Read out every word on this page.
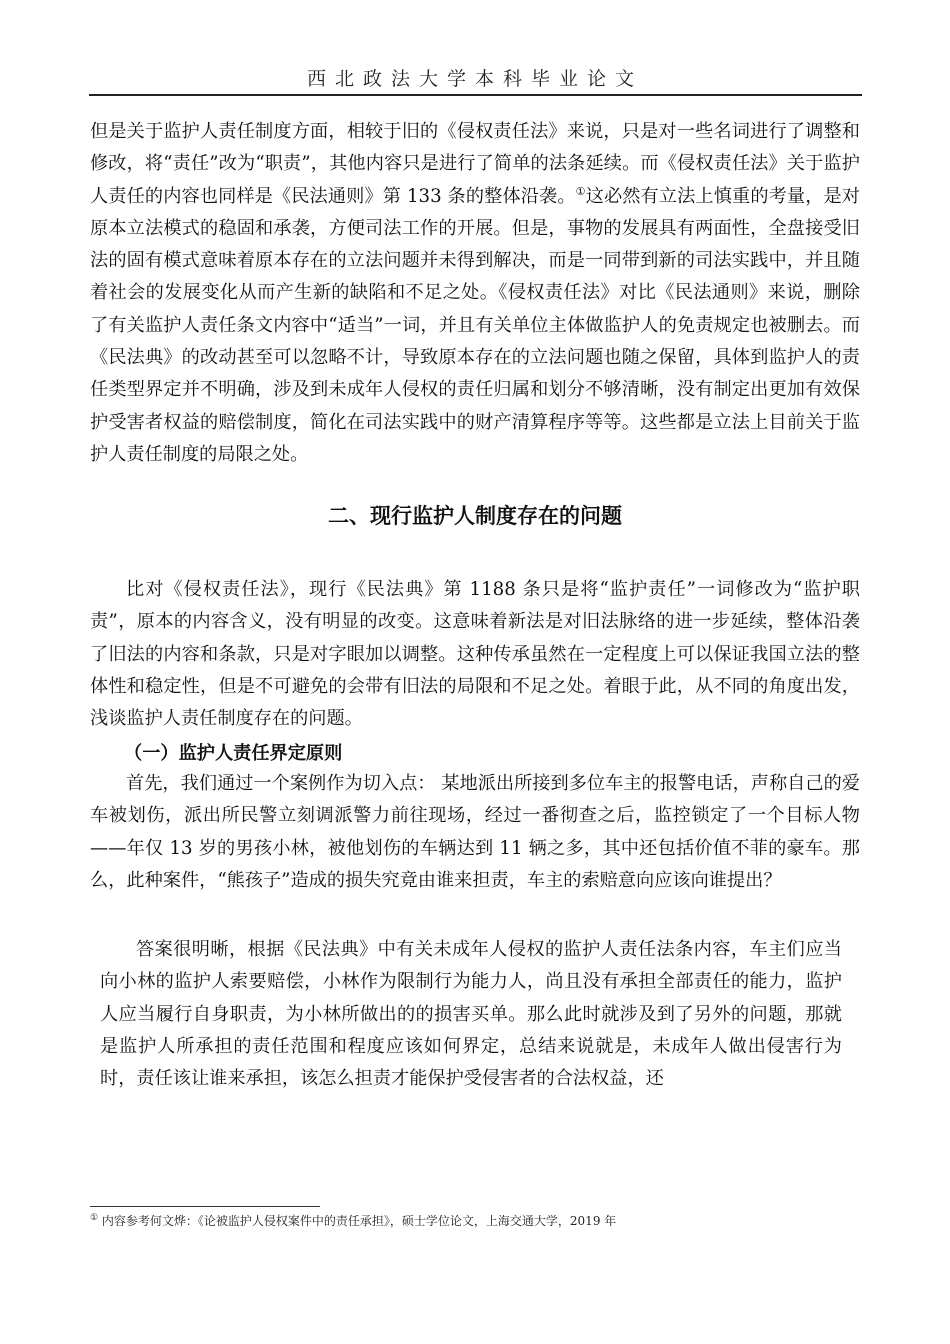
西北政法大学本科毕业论文

但是关于监护人责任制度方面，相较于旧的《侵权责任法》来说，只是对一些名词进行了调整和修改，将“责任”改为“职责”，其他内容只是进行了简单的法条延续。而《侵权责任法》关于监护人责任的内容也同样是《民法通则》第 133 条的整体沿袭。①这必然有立法上慎重的考量，是对原本立法模式的稳固和承袭，方便司法工作的开展。但是，事物的发展具有两面性，全盘接受旧法的固有模式意味着原本存在的立法问题并未得到解决，而是一同带到新的司法实践中，并且随着社会的发展变化从而产生新的缺陷和不足之处。《侵权责任法》对比《民法通则》来说，删除了有关监护人责任条文内容中“适当”一词，并且有关单位主体做监护人的免责规定也被删去。而《民法典》的改动甚至可以忽略不计，导致原本存在的立法问题也随之保留，具体到监护人的责任类型界定并不明确，涉及到未成年人侵权的责任归属和划分不够清晰，没有制定出更加有效保护受害者权益的赔偿制度，简化在司法实践中的财产清算程序等等。这些都是立法上目前关于监护人责任制度的局限之处。

二、现行监护人制度存在的问题

比对《侵权责任法》，现行《民法典》第 1188 条只是将“监护责任”一词修改为“监护职责”，原本的内容含义，没有明显的改变。这意味着新法是对旧法脉络的进一步延续，整体沿袭了旧法的内容和条款，只是对字眼加以调整。这种传承虽然在一定程度上可以保证我国立法的整体性和稳定性，但是不可避免的会带有旧法的局限和不足之处。着眼于此，从不同的角度出发，浅谈监护人责任制度存在的问题。

（一）监护人责任界定原则

首先，我们通过一个案例作为切入点： 某地派出所接到多位车主的报警电话，声称自己的爱车被划伤，派出所民警立刻调派警力前往现场，经过一番彻查之后，监控锁定了一个目标人物——年仅 13 岁的男孩小林，被他划伤的车辆达到 11 辆之多，其中还包括价值不菲的豪车。那么，此种案件，“熊孩子”造成的损失究竟由谁来担责，车主的索赔意向应该向谁提出？

答案很明晰，根据《民法典》中有关未成年人侵权的监护人责任法条内容，车主们应当向小林的监护人索要赔偿，小林作为限制行为能力人，尚且没有承担全部责任的能力，监护人应当履行自身职责，为小林所做出的的损害买单。那么此时就涉及到了另外的问题，那就是监护人所承担的责任范围和程度应该如何界定，总结来说就是，未成年人做出侵害行为时，责任该让谁来承担，该怎么担责才能保护受侵害者的合法权益，还

① 内容参考何文烨：《论被监护人侵权案件中的责任承担》，硕士学位论文，上海交通大学，2019 年
